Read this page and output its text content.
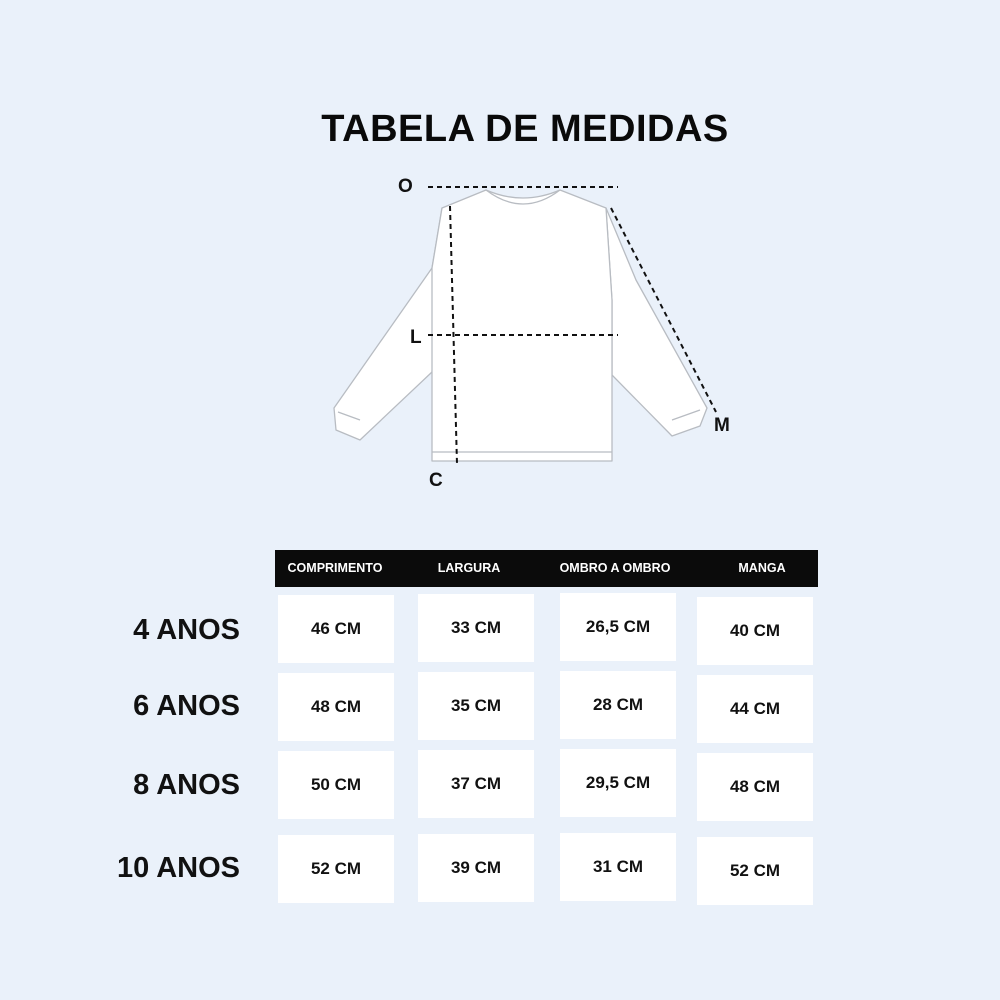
TABELA DE MEDIDAS
O
L
C
M
COMPRIMENTO	LARGURA	OMBRO A OMBRO	MANGA
4 ANOS	46 CM	33 CM	26,5 CM	40 CM
6 ANOS	48 CM	35 CM	28 CM	44 CM
8 ANOS	50 CM	37 CM	29,5 CM	48 CM
10 ANOS	52 CM	39 CM	31 CM	52 CM
